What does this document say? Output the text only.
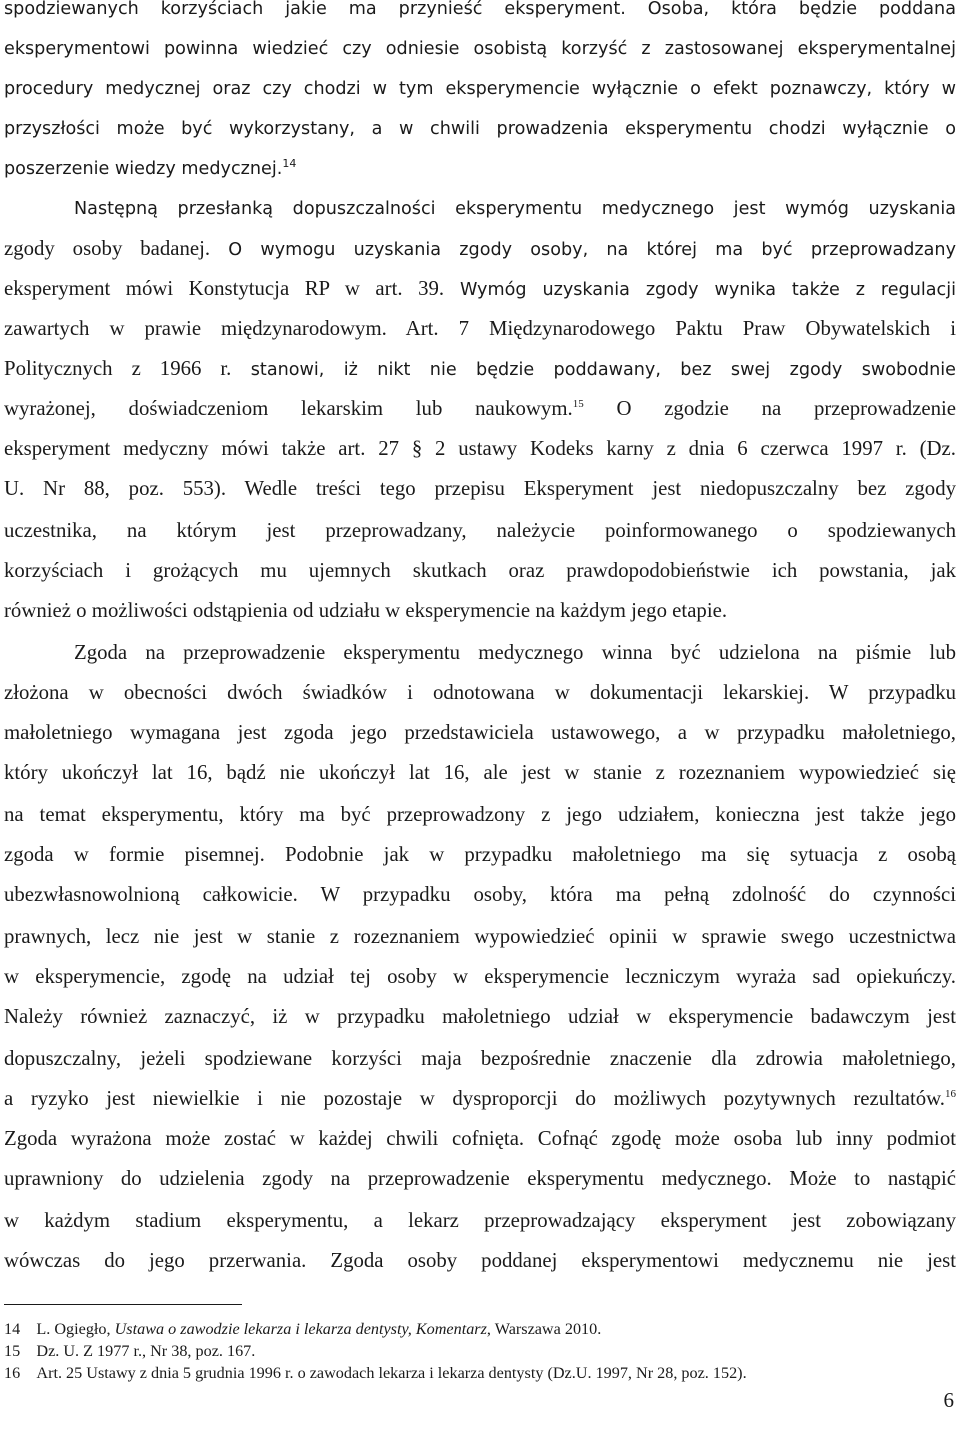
spodziewanych korzyściach jakie ma przynieść eksperyment. Osoba, która będzie poddana
eksperymentowi powinna wiedzieć czy odniesie osobistą korzyść z zastosowanej eksperymentalnej
procedury medycznej oraz czy chodzi w tym eksperymencie wyłącznie o efekt poznawczy, który w
przyszłości może być wykorzystany, a w chwili prowadzenia eksperymentu chodzi wyłącznie o
poszerzenie wiedzy medycznej.$^{14}$
Następną przesłanką dopuszczalności eksperymentu medycznego jest wymóg uzyskania
zgody osoby badanej. O wymogu uzyskania zgody osoby, na której ma być przeprowadzany
eksperyment mówi Konstytucja RP w art. 39. Wymóg uzyskania zgody wynika także z regulacji
zawartych w prawie międzynarodowym. Art. 7 Międzynarodowego Paktu Praw Obywatelskich i
Politycznych z 1966 r. stanowi, iż nikt nie będzie poddawany, bez swej zgody swobodnie
wyrażonej, doświadczeniom lekarskim lub naukowym.$^{15}$ O zgodzie na przeprowadzenie
eksperyment medyczny mówi także art. 27 § 2 ustawy Kodeks karny z dnia 6 czerwca 1997 r. (Dz.
U. Nr 88, poz. 553). Wedle treści tego przepisu Eksperyment jest niedopuszczalny bez zgody
uczestnika, na którym jest przeprowadzany, należycie poinformowanego o spodziewanych
korzyściach i grożących mu ujemnych skutkach oraz prawdopodobieństwie ich powstania, jak
również o możliwości odstąpienia od udziału w eksperymencie na każdym jego etapie.
Zgoda na przeprowadzenie eksperymentu medycznego winna być udzielona na piśmie lub
złożona w obecności dwóch świadków i odnotowana w dokumentacji lekarskiej. W przypadku
małoletniego wymagana jest zgoda jego przedstawiciela ustawowego, a w przypadku małoletniego,
który ukończył lat 16, bądź nie ukończył lat 16, ale jest w stanie z rozeznaniem wypowiedzieć się
na temat eksperymentu, który ma być przeprowadzony z jego udziałem, konieczna jest także jego
zgoda w formie pisemnej. Podobnie jak w przypadku małoletniego ma się sytuacja z osobą
ubezwłasnowolnioną całkowicie. W przypadku osoby, która ma pełną zdolność do czynności
prawnych, lecz nie jest w stanie z rozeznaniem wypowiedzieć opinii w sprawie swego uczestnictwa
w eksperymencie, zgodę na udział tej osoby w eksperymencie leczniczym wyraża sad opiekuńczy.
Należy również zaznaczyć, iż w przypadku małoletniego udział w eksperymencie badawczym jest
dopuszczalny, jeżeli spodziewane korzyści maja bezpośrednie znaczenie dla zdrowia małoletniego,
a ryzyko jest niewielkie i nie pozostaje w dysproporcji do możliwych pozytywnych rezultatów.$^{16}$
Zgoda wyrażona może zostać w każdej chwili cofnięta. Cofnąć zgodę może osoba lub inny podmiot
uprawniony do udzielenia zgody na przeprowadzenie eksperymentu medycznego. Może to nastąpić
w każdym stadium eksperymentu, a lekarz przeprowadzający eksperyment jest zobowiązany
wówczas do jego przerwania. Zgoda osoby poddanej eksperymentowi medycznemu nie jest
14 L. Ogiegło, Ustawa o zawodzie lekarza i lekarza dentysty, Komentarz, Warszawa 2010.
15 Dz. U. Z 1977 r., Nr 38, poz. 167.
16 Art. 25 Ustawy z dnia 5 grudnia 1996 r. o zawodach lekarza i lekarza dentysty (Dz.U. 1997, Nr 28, poz. 152).
6
